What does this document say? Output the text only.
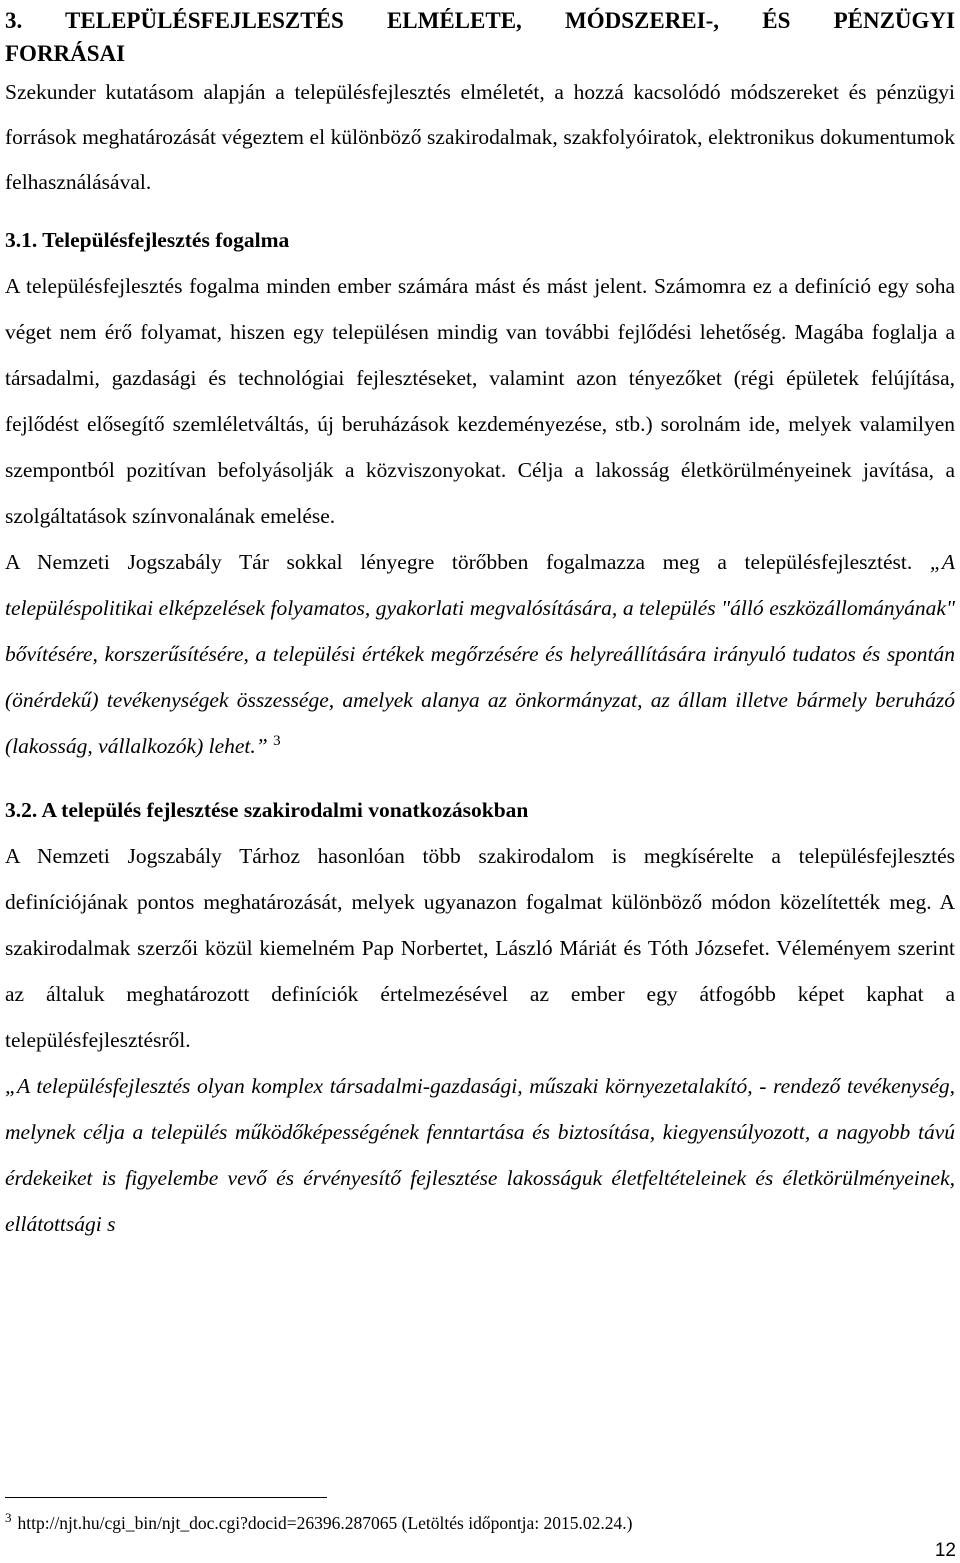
3. TELEPÜLÉSFEJLESZTÉS ELMÉLETE, MÓDSZEREI-, ÉS PÉNZÜGYI
FORRÁSAI

Szekunder kutatásom alapján a településfejlesztés elméletét, a hozzá kacsolódó módszereket és pénzügyi források meghatározását végeztem el különböző szakirodalmak, szakfolyóiratok, elektronikus dokumentumok felhasználásával.

3.1. Településfejlesztés fogalma

A településfejlesztés fogalma minden ember számára mást és mást jelent. Számomra ez a definíció egy soha véget nem érő folyamat, hiszen egy településen mindig van további fejlődési lehetőség. Magába foglalja a társadalmi, gazdasági és technológiai fejlesztéseket, valamint azon tényezőket (régi épületek felújítása, fejlődést elősegítő szemléletváltás, új beruházások kezdeményezése, stb.) sorolnám ide, melyek valamilyen szempontból pozitívan befolyásolják a közviszonyokat. Célja a lakosság életkörülményeinek javítása, a szolgáltatások színvonalának emelése.

A Nemzeti Jogszabály Tár sokkal lényegre törőbben fogalmazza meg a településfejlesztést. „A településpolitikai elképzelések folyamatos, gyakorlati megvalósítására, a település "álló eszközállományának" bővítésére, korszerűsítésére, a települési értékek megőrzésére és helyreállítására irányuló tudatos és spontán (önérdekű) tevékenységek összessége, amelyek alanya az önkormányzat, az állam illetve bármely beruházó (lakosság, vállalkozók) lehet.” $^3$

3.2. A település fejlesztése szakirodalmi vonatkozásokban

A Nemzeti Jogszabály Tárhoz hasonlóan több szakirodalom is megkísérelte a településfejlesztés definíciójának pontos meghatározását, melyek ugyanazon fogalmat különböző módon közelítették meg. A szakirodalmak szerzői közül kiemelném Pap Norbertet, László Máriát és Tóth Józsefet. Véleményem szerint az általuk meghatározott definíciók értelmezésével az ember egy átfogóbb képet kaphat a településfejlesztésről.

„A településfejlesztés olyan komplex társadalmi-gazdasági, műszaki környezetalakító, - rendező tevékenység, melynek célja a település működőképességének fenntartása és biztosítása, kiegyensúlyozott, a nagyobb távú érdekeiket is figyelembe vevő és érvényesítő fejlesztése lakosságuk életfeltételeinek és életkörülményeinek, ellátottsági s

$^3$ http://njt.hu/cgi_bin/njt_doc.cgi?docid=26396.287065 (Letöltés időpontja: 2015.02.24.)
12
